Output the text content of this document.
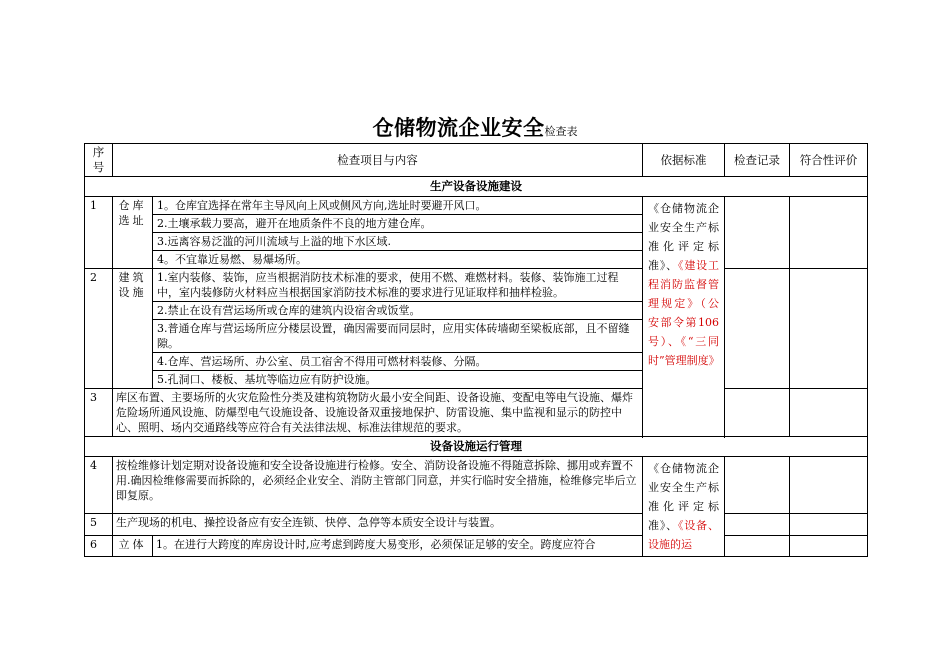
仓储物流企业安全检查表
序号	检查项目与内容		依据标准	检查记录	符合性评价
生产设备设施建设					
1	仓库选址	1。仓库宜选择在常年主导风向上风或侧风方向,选址时要避开风口。	《仓储物流企业安全生产标准化评定标准》、《建设工程消防监督管理规定》（公安部令第106号）、《“三同时”管理制度》		
		2.土壤承载力要高，避开在地质条件不良的地方建仓库。			
		3.远离容易泛滥的河川流域与上溢的地下水区域.			
		4。不宜靠近易燃、易爆场所。			
2	建筑设施	1.室内装修、装饰，应当根据消防技术标准的要求，使用不燃、难燃材料。装修、装饰施工过程中，室内装修防火材料应当根据国家消防技术标准的要求进行见证取样和抽样检验。			
		2.禁止在设有营运场所或仓库的建筑内设宿舍或饭堂。			
		3.普通仓库与营运场所应分楼层设置，确因需要而同层时，应用实体砖墙砌至梁板底部，且不留缝隙。			
		4.仓库、营运场所、办公室、员工宿舍不得用可燃材料装修、分隔。			
		5.孔洞口、楼板、基坑等临边应有防护设施。			

3	库区布置、主要场所的火灾危险性分类及建构筑物防火最小安全间距、设备设施、变配电等电气设施、爆炸危险场所通风设施、防爆型电气设施设备、设施设备双重接地保护、防雷设施、集中监视和显示的防控中心、照明、场内交通路线等应符合有关法律法规、标准法律规范的要求。				

设备设施运行管理					
4	按检维修计划定期对设备设施和安全设备设施进行检修。安全、消防设备设施不得随意拆除、挪用或弃置不用.确因检维修需要而拆除的，必须经企业安全、消防主管部门同意，并实行临时安全措施，检维修完毕后立即复原。		《仓储物流企业安全生产标准化评定标准》、《设备、设施的运		
5	生产现场的机电、操控设备应有安全连锁、快停、急停等本质安全设计与装置。				
6	立体	1。在进行大跨度的库房设计时,应考虑到跨度大易变形，必须保证足够的安全。跨度应符合			
